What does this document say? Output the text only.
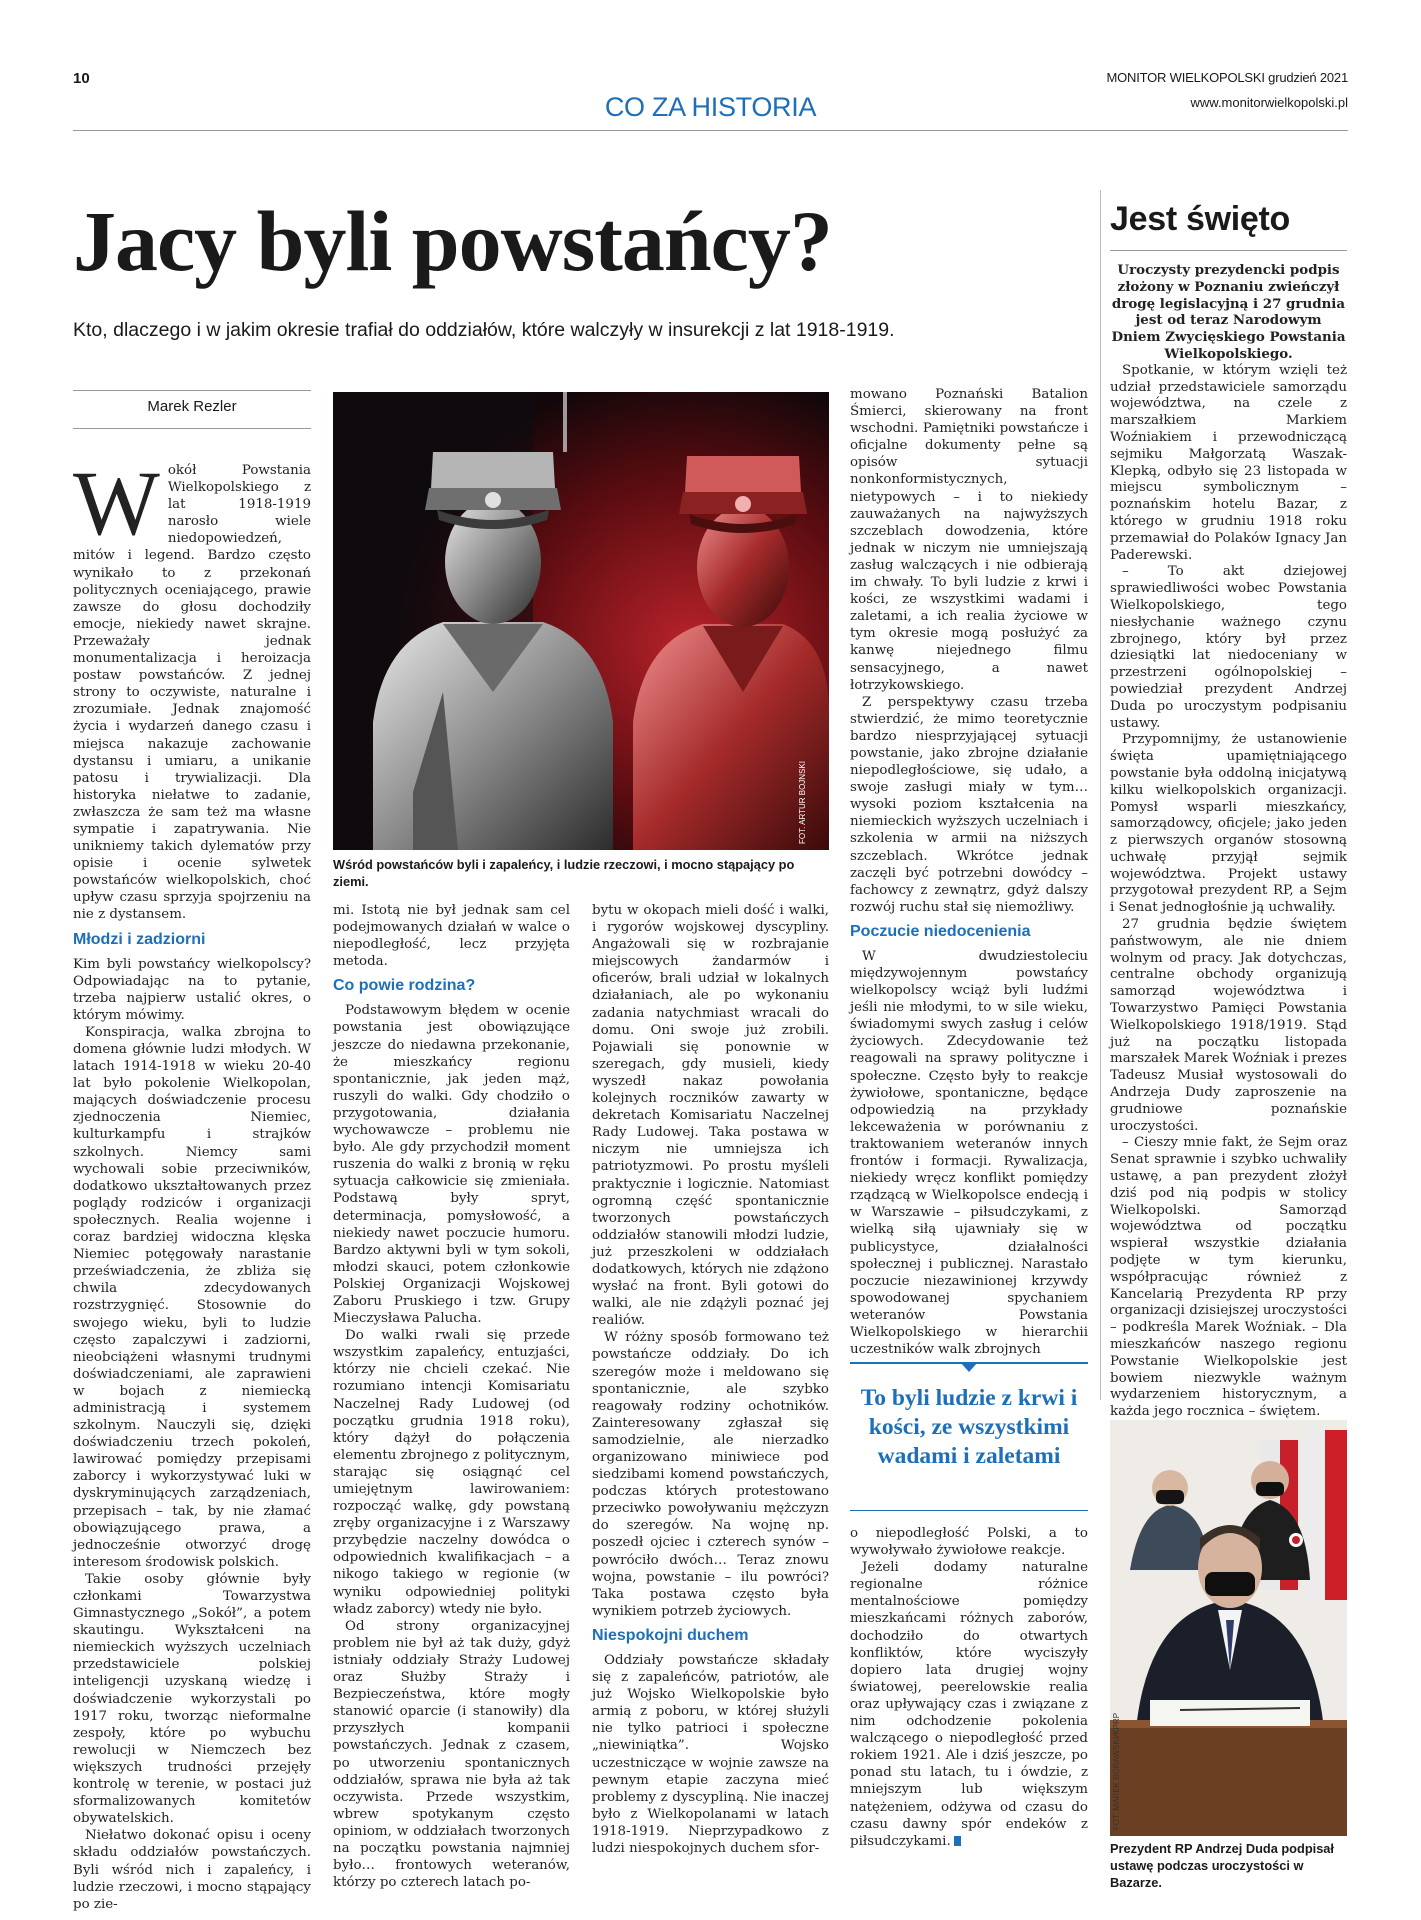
10	MONITOR WIELKOPOLSKI grudzień 2021
www.monitorwielkopolski.pl
CO ZA HISTORIA
Jacy byli powstańcy?
Kto, dlaczego i w jakim okresie trafiał do oddziałów, które walczyły w insurekcji z lat 1918-1919.
Marek Rezler

Wokół Powstania Wielkopolskiego z lat 1918-1919 narosło wiele niedopowiedzeń, mitów i legend. Bardzo często wynikało to z przekonań politycznych oceniającego, prawie zawsze do głosu dochodziły emocje, niekiedy nawet skrajne. Przeważały jednak monumentalizacja i heroizacja postaw powstańców. Z jednej strony to oczywiste, naturalne i zrozumiałe. Jednak znajomość życia i wydarzeń danego czasu i miejsca nakazuje zachowanie dystansu i umiaru, a unikanie patosu i trywializacji. Dla historyka niełatwe to zadanie, zwłaszcza że sam też ma własne sympatie i zapatrywania. Nie unikniemy takich dylematów przy opisie i ocenie sylwetek powstańców wielkopolskich, choć upływ czasu sprzyja spojrzeniu na nie z dystansem.

Młodzi i zadziorni

Kim byli powstańcy wielkopolscy? Odpowiadając na to pytanie, trzeba najpierw ustalić okres, o którym mówimy.

Konspiracja, walka zbrojna to domena głównie ludzi młodych. W latach 1914-1918 w wieku 20-40 lat było pokolenie Wielkopolan, mających doświadczenie procesu zjednoczenia Niemiec, kulturkampfu i strajków szkolnych. Niemcy sami wychowali sobie przeciwników, dodatkowo ukształtowanych przez poglądy rodziców i organizacji społecznych. Realia wojenne i coraz bardziej widoczna klęska Niemiec potęgowały narastanie przeświadczenia, że zbliża się chwila zdecydowanych rozstrzygnięć. Stosownie do swojego wieku, byli to ludzie często zapalczywi i zadziorni, nieobciążeni własnymi trudnymi doświadczeniami, ale zaprawieni w bojach z niemiecką administracją i systemem szkolnym. Nauczyli się, dzięki doświadczeniu trzech pokoleń, lawirować pomiędzy przepisami zaborcy i wykorzystywać luki w dyskryminujących zarządzeniach, przepisach – tak, by nie złamać obowiązującego prawa, a jednocześnie otworzyć drogę interesom środowisk polskich.

Takie osoby głównie były członkami Towarzystwa Gimnastycznego „Sokół”, a potem skautingu. Wykształceni na niemieckich wyższych uczelniach przedstawiciele polskiej inteligencji uzyskaną wiedzę i doświadczenie wykorzystali po 1917 roku, tworząc nieformalne zespoły, które po wybuchu rewolucji w Niemczech bez większych trudności przejęły kontrolę w terenie, w postaci już sformalizowanych komitetów obywatelskich.

Niełatwo dokonać opisu i oceny składu oddziałów powstańczych. Byli wśród nich i zapaleńcy, i ludzie rzeczowi, i mocno stąpający po zie-

FOT. ARTUR BOJNSKI
Wśród powstańców byli i zapaleńcy, i ludzie rzeczowi, i mocno stąpający po ziemi.

mi. Istotą nie był jednak sam cel podejmowanych działań w walce o niepodległość, lecz przyjęta metoda.

Co powie rodzina?

Podstawowym błędem w ocenie powstania jest obowiązujące jeszcze do niedawna przekonanie, że mieszkańcy regionu spontanicznie, jak jeden mąż, ruszyli do walki. Gdy chodziło o przygotowania, działania wychowawcze – problemu nie było. Ale gdy przychodził moment ruszenia do walki z bronią w ręku sytuacja całkowicie się zmieniała. Podstawą były spryt, determinacja, pomysłowość, a niekiedy nawet poczucie humoru. Bardzo aktywni byli w tym sokoli, młodzi skauci, potem członkowie Polskiej Organizacji Wojskowej Zaboru Pruskiego i tzw. Grupy Mieczysława Palucha.

Do walki rwali się przede wszystkim zapaleńcy, entuzjaści, którzy nie chcieli czekać. Nie rozumiano intencji Komisariatu Naczelnej Rady Ludowej (od początku grudnia 1918 roku), który dążył do połączenia elementu zbrojnego z politycznym, starając się osiągnąć cel umiejętnym lawirowaniem: rozpocząć walkę, gdy powstaną zręby organizacyjne i z Warszawy przybędzie naczelny dowódca o odpowiednich kwalifikacjach – a nikogo takiego w regionie (w wyniku odpowiedniej polityki władz zaborcy) wtedy nie było.

Od strony organizacyjnej problem nie był aż tak duży, gdyż istniały oddziały Straży Ludowej oraz Służby Straży i Bezpieczeństwa, które mogły stanowić oparcie (i stanowiły) dla przyszłych kompanii powstańczych. Jednak z czasem, po utworzeniu spontanicznych oddziałów, sprawa nie była aż tak oczywista. Przede wszystkim, wbrew spotykanym często opiniom, w oddziałach tworzonych na początku powstania najmniej było… frontowych weteranów, którzy po czterech latach po-

bytu w okopach mieli dość i walki, i rygorów wojskowej dyscypliny. Angażowali się w rozbrajanie miejscowych żandarmów i oficerów, brali udział w lokalnych działaniach, ale po wykonaniu zadania natychmiast wracali do domu. Oni swoje już zrobili. Pojawiali się ponownie w szeregach, gdy musieli, kiedy wyszedł nakaz powołania kolejnych roczników zawarty w dekretach Komisariatu Naczelnej Rady Ludowej. Taka postawa w niczym nie umniejsza ich patriotyzmowi. Po prostu myśleli praktycznie i logicznie. Natomiast ogromną część spontanicznie tworzonych powstańczych oddziałów stanowili młodzi ludzie, już przeszkoleni w oddziałach dodatkowych, których nie zdążono wysłać na front. Byli gotowi do walki, ale nie zdążyli poznać jej realiów.

W różny sposób formowano też powstańcze oddziały. Do ich szeregów może i meldowano się spontanicznie, ale szybko reagowały rodziny ochotników. Zainteresowany zgłaszał się samodzielnie, ale nierzadko organizowano miniwiece pod siedzibami komend powstańczych, podczas których protestowano przeciwko powoływaniu mężczyzn do szeregów. Na wojnę np. poszedł ojciec i czterech synów – powróciło dwóch… Teraz znowu wojna, powstanie – ilu powróci? Taka postawa często była wynikiem potrzeb życiowych.

Niespokojni duchem

Oddziały powstańcze składały się z zapaleńców, patriotów, ale już Wojsko Wielkopolskie było armią z poboru, w której służyli nie tylko patrioci i społeczne „niewiniątka”. Wojsko uczestniczące w wojnie zawsze na pewnym etapie zaczyna mieć problemy z dyscypliną. Nie inaczej było z Wielkopolanami w latach 1918-1919. Nieprzypadkowo z ludzi niespokojnych duchem sfor-

mowano Poznański Batalion Śmierci, skierowany na front wschodni. Pamiętniki powstańcze i oficjalne dokumenty pełne są opisów sytuacji nonkonformistycznych, nietypowych – i to niekiedy zauważanych na najwyższych szczeblach dowodzenia, które jednak w niczym nie umniejszają zasług walczących i nie odbierają im chwały. To byli ludzie z krwi i kości, ze wszystkimi wadami i zaletami, a ich realia życiowe w tym okresie mogą posłużyć za kanwę niejednego filmu sensacyjnego, a nawet łotrzykowskiego.

Z perspektywy czasu trzeba stwierdzić, że mimo teoretycznie bardzo niesprzyjającej sytuacji powstanie, jako zbrojne działanie niepodległościowe, się udało, a swoje zasługi miały w tym… wysoki poziom kształcenia na niemieckich wyższych uczelniach i szkolenia w armii na niższych szczeblach. Wkrótce jednak zaczęli być potrzebni dowódcy – fachowcy z zewnątrz, gdyż dalszy rozwój ruchu stał się niemożliwy.

Poczucie niedocenienia

W dwudziestoleciu międzywojennym powstańcy wielkopolscy wciąż byli ludźmi jeśli nie młodymi, to w sile wieku, świadomymi swych zasług i celów życiowych. Zdecydowanie też reagowali na sprawy polityczne i społeczne. Często były to reakcje żywiołowe, spontaniczne, będące odpowiedzią na przykłady lekceważenia w porównaniu z traktowaniem weteranów innych frontów i formacji. Rywalizacja, niekiedy wręcz konflikt pomiędzy rządzącą w Wielkopolsce endecją i w Warszawie – piłsudczykami, z wielką siłą ujawniały się w publicystyce, działalności społecznej i publicznej. Narastało poczucie niezawinionej krzywdy spowodowanej spychaniem weteranów Powstania Wielkopolskiego w hierarchii uczestników walk zbrojnych

To byli ludzie z krwi i kości, ze wszystkimi wadami i zaletami

o niepodległość Polski, a to wywoływało żywiołowe reakcje.

Jeżeli dodamy naturalne regionalne różnice mentalnościowe pomiędzy mieszkańcami różnych zaborów, dochodziło do otwartych konfliktów, które wyciszyły dopiero lata drugiej wojny światowej, peerelowskie realia oraz upływający czas i związane z nim odchodzenie pokolenia walczącego o niepodległość przed rokiem 1921. Ale i dziś jeszcze, po ponad stu latach, tu i ówdzie, z mniejszym lub większym natężeniem, odżywa od czasu do czasu dawny spór endeków z piłsudczykami.

Jest święto

Uroczysty prezydencki podpis złożony w Poznaniu zwieńczył drogę legislacyjną i 27 grudnia jest od teraz Narodowym Dniem Zwycięskiego Powstania Wielkopolskiego.

Spotkanie, w którym wzięli też udział przedstawiciele samorządu województwa, na czele z marszałkiem Markiem Woźniakiem i przewodniczącą sejmiku Małgorzatą Waszak-Klepką, odbyło się 23 listopada w miejscu symbolicznym – poznańskim hotelu Bazar, z którego w grudniu 1918 roku przemawiał do Polaków Ignacy Jan Paderewski.

– To akt dziejowej sprawiedliwości wobec Powstania Wielkopolskiego, tego niesłychanie ważnego czynu zbrojnego, który był przez dziesiątki lat niedoceniany w przestrzeni ogólnopolskiej – powiedział prezydent Andrzej Duda po uroczystym podpisaniu ustawy.

Przypomnijmy, że ustanowienie święta upamiętniającego powstanie była oddolną inicjatywą kilku wielkopolskich organizacji. Pomysł wsparli mieszkańcy, samorządowcy, oficjele; jako jeden z pierwszych organów stosowną uchwałę przyjął sejmik województwa. Projekt ustawy przygotował prezydent RP, a Sejm i Senat jednogłośnie ją uchwaliły.

27 grudnia będzie świętem państwowym, ale nie dniem wolnym od pracy. Jak dotychczas, centralne obchody organizują samorząd województwa i Towarzystwo Pamięci Powstania Wielkopolskiego 1918/1919. Stąd już na początku listopada marszałek Marek Woźniak i prezes Tadeusz Musiał wystosowali do Andrzeja Dudy zaproszenie na grudniowe poznańskie uroczystości.

– Cieszy mnie fakt, że Sejm oraz Senat sprawnie i szybko uchwaliły ustawę, a pan prezydent złożył dziś pod nią podpis w stolicy Wielkopolski. Samorząd województwa od początku wspierał wszystkie działania podjęte w tym kierunku, współpracując również z Kancelarią Prezydenta RP przy organizacji dzisiejszej uroczystości – podkreśla Marek Woźniak. – Dla mieszkańców naszego regionu Powstanie Wielkopolskie jest bowiem niezwykle ważnym wydarzeniem historycznym, a każda jego rocznica – świętem.

FOT. MAREK BORAWSKI/KPRP
Prezydent RP Andrzej Duda podpisał ustawę podczas uroczystości w Bazarze.
